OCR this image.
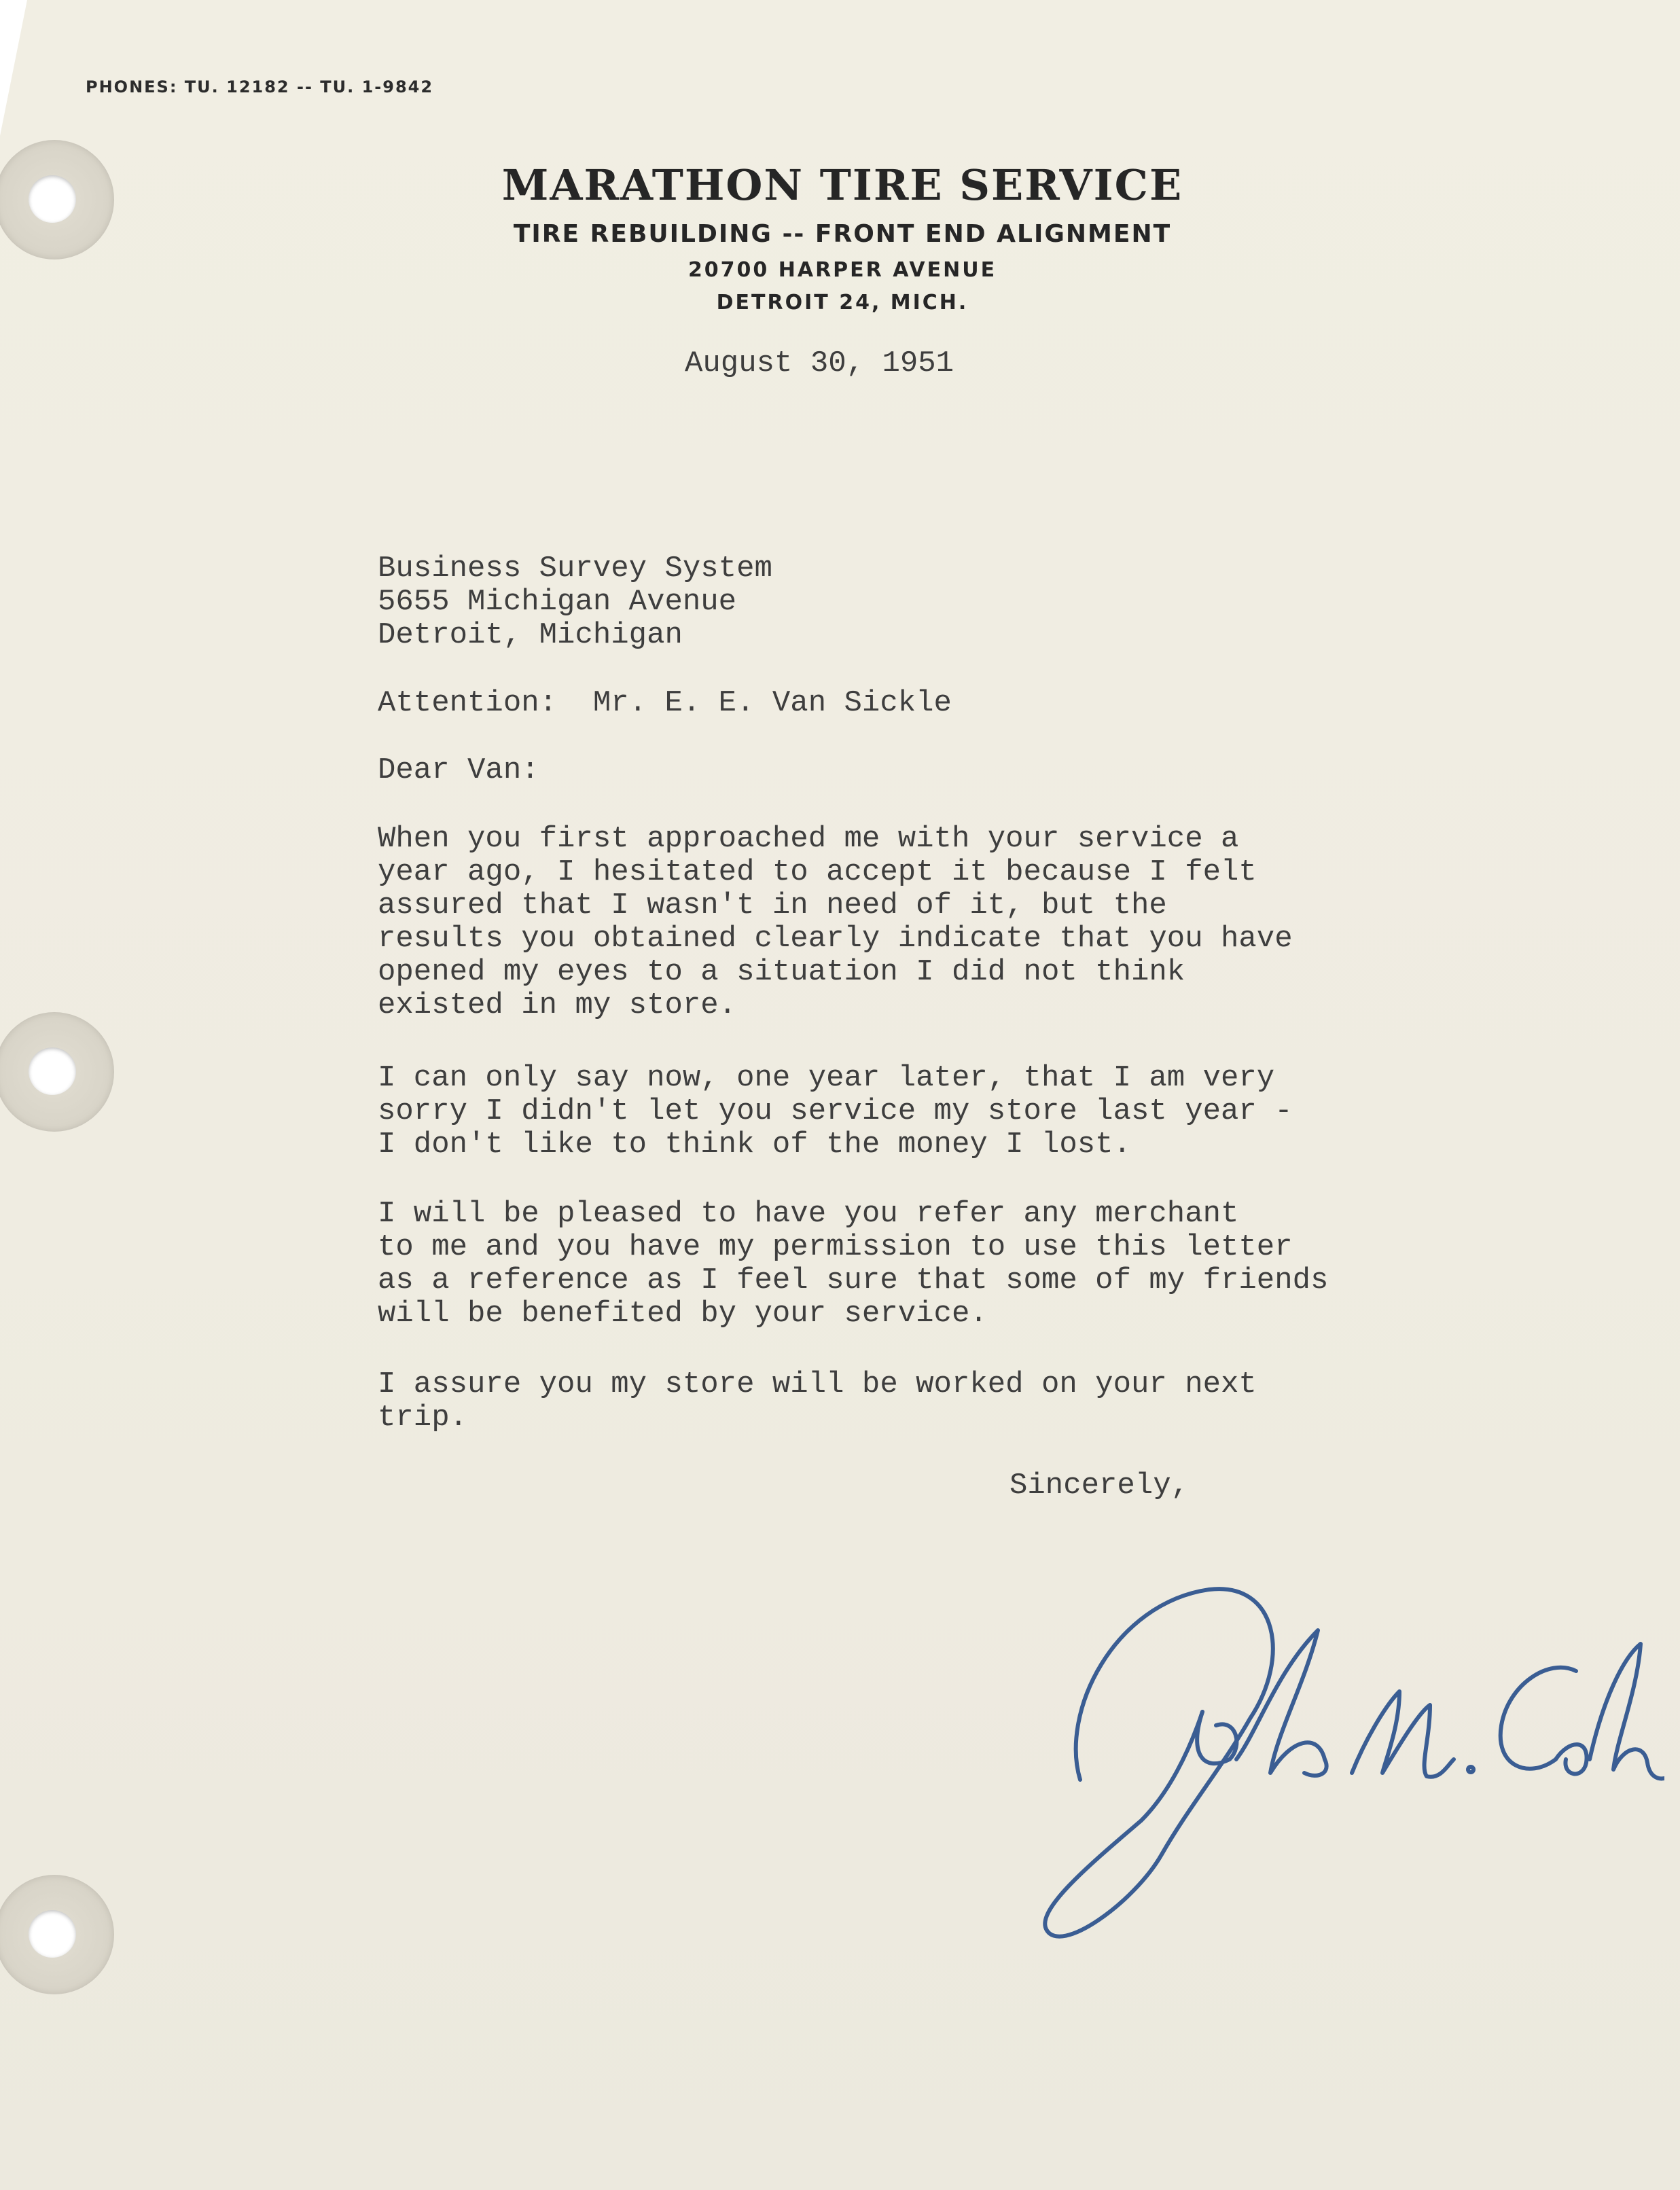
PHONES: TU. 12182 -- TU. 1-9842
MARATHON TIRE SERVICE
TIRE REBUILDING -- FRONT END ALIGNMENT
20700 HARPER AVENUE
DETROIT 24, MICH.
August 30, 1951
Business Survey System
5655 Michigan Avenue
Detroit, Michigan
Attention:  Mr. E. E. Van Sickle
Dear Van:
When you first approached me with your service a
year ago, I hesitated to accept it because I felt
assured that I wasn't in need of it, but the
results you obtained clearly indicate that you have
opened my eyes to a situation I did not think
existed in my store.
I can only say now, one year later, that I am very
sorry I didn't let you service my store last year -
I don't like to think of the money I lost.
I will be pleased to have you refer any merchant
to me and you have my permission to use this letter
as a reference as I feel sure that some of my friends
will be benefited by your service.
I assure you my store will be worked on your next
trip.
Sincerely,
